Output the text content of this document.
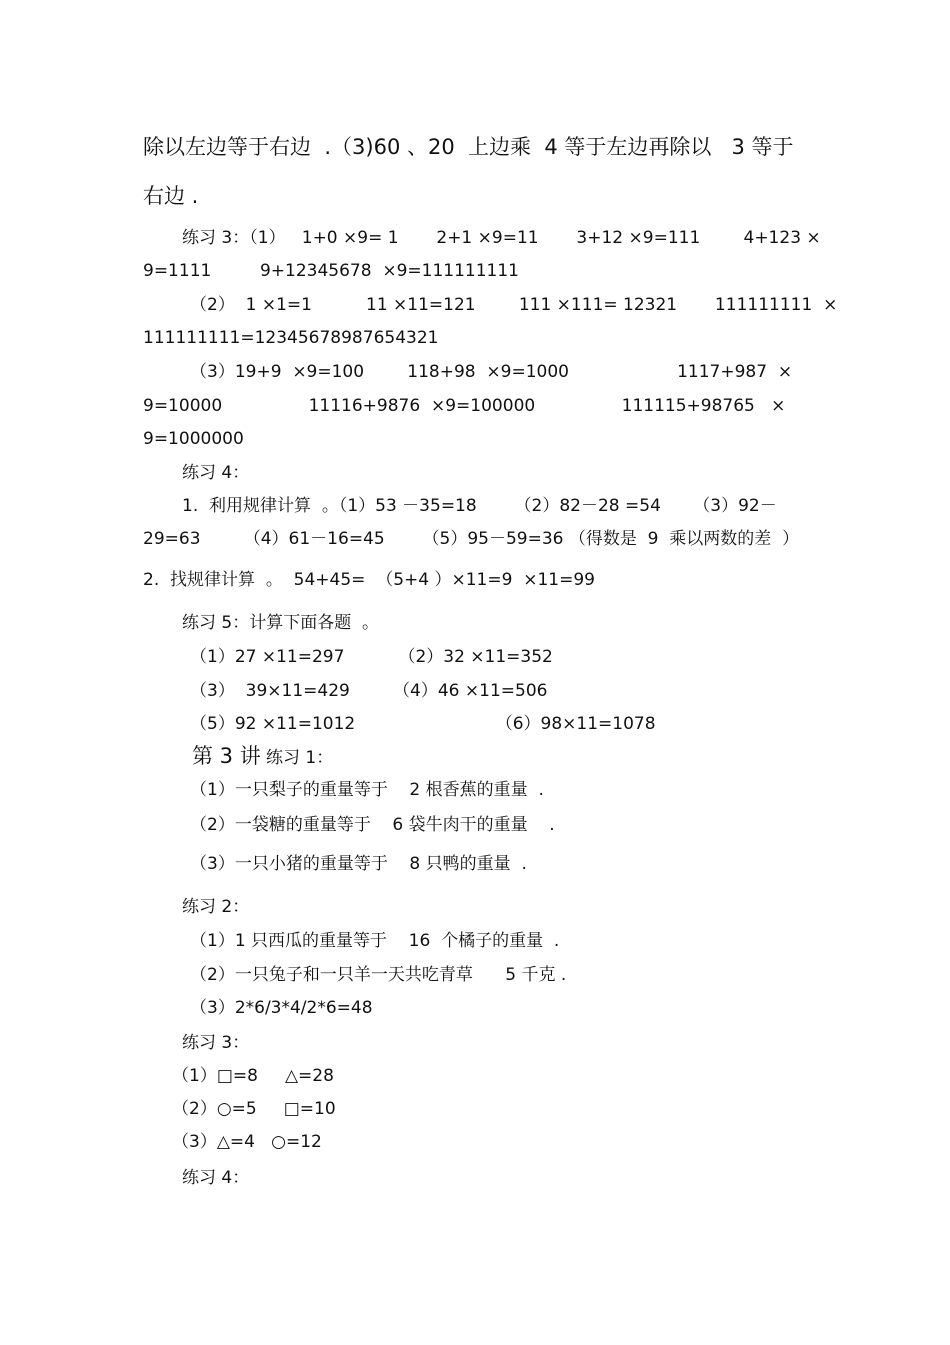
除以左边等于右边  .（3)60 、20  上边乘  4 等于左边再除以   3 等于
右边 .
练习 3：（1）   1+0 ×9= 1       2+1 ×9=11       3+12 ×9=111        4+123 ×
9=1111         9+12345678  ×9=111111111
（2）  1 ×1=1          11 ×11=121        111 ×111= 12321       111111111  ×
111111111=12345678987654321
（3）19+9  ×9=100        118+98  ×9=1000                    1117+987  ×
9=10000                11116+9876  ×9=100000                111115+98765   ×
9=1000000
练习 4：
1.  利用规律计算  。（1）53 －35=18       （2）82－28 =54      （3）92－
29=63        （4）61－16=45       （5）95－59=36 （得数是  9  乘以两数的差  ）
2.  找规律计算  。  54+45=  （5+4 ）×11=9  ×11=99
练习 5：计算下面各题  。
（1）27 ×11=297          （2）32 ×11=352
（3）  39×11=429        （4）46 ×11=506
（5）92 ×11=1012                          （6）98×11=1078
第 3 讲 练习 1：
（1）一只梨子的重量等于    2 根香蕉的重量  .
（2）一袋糖的重量等于    6 袋牛肉干的重量    .
（3）一只小猪的重量等于    8 只鸭的重量  .
练习 2：
（1）1 只西瓜的重量等于    16  个橘子的重量  .
（2）一只兔子和一只羊一天共吃青草      5 千克 .
（3）2*6/3*4/2*6=48
练习 3：
（1）□=8     △=28
（2）○=5     □=10
（3）△=4   ○=12
练习 4：
